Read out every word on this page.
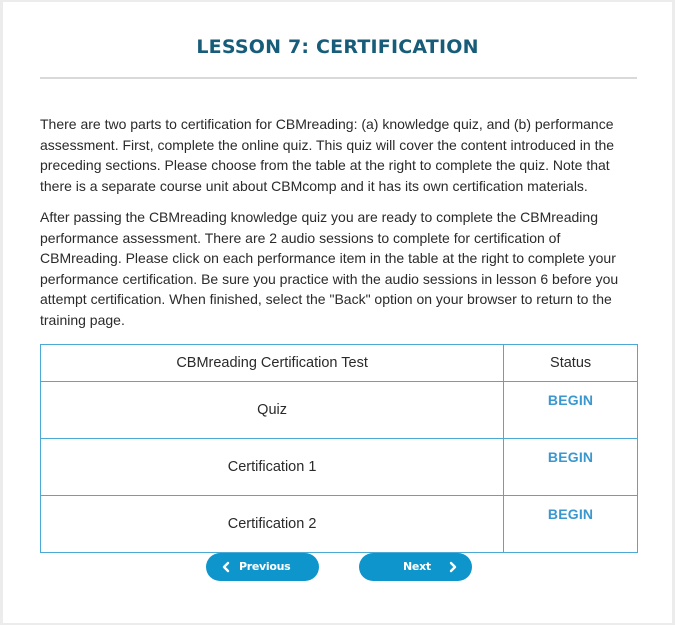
LESSON 7: CERTIFICATION

There are two parts to certification for CBMreading: (a) knowledge quiz, and (b) performance assessment. First, complete the online quiz. This quiz will cover the content introduced in the preceding sections. Please choose from the table at the right to complete the quiz. Note that there is a separate course unit about CBMcomp and it has its own certification materials.

After passing the CBMreading knowledge quiz you are ready to complete the CBMreading performance assessment. There are 2 audio sessions to complete for certification of CBMreading. Please click on each performance item in the table at the right to complete your performance certification. Be sure you practice with the audio sessions in lesson 6 before you attempt certification. When finished, select the "Back" option on your browser to return to the training page.

CBMreading Certification Test	Status
Quiz	BEGIN
Certification 1	BEGIN
Certification 2	BEGIN
Previous	Next
